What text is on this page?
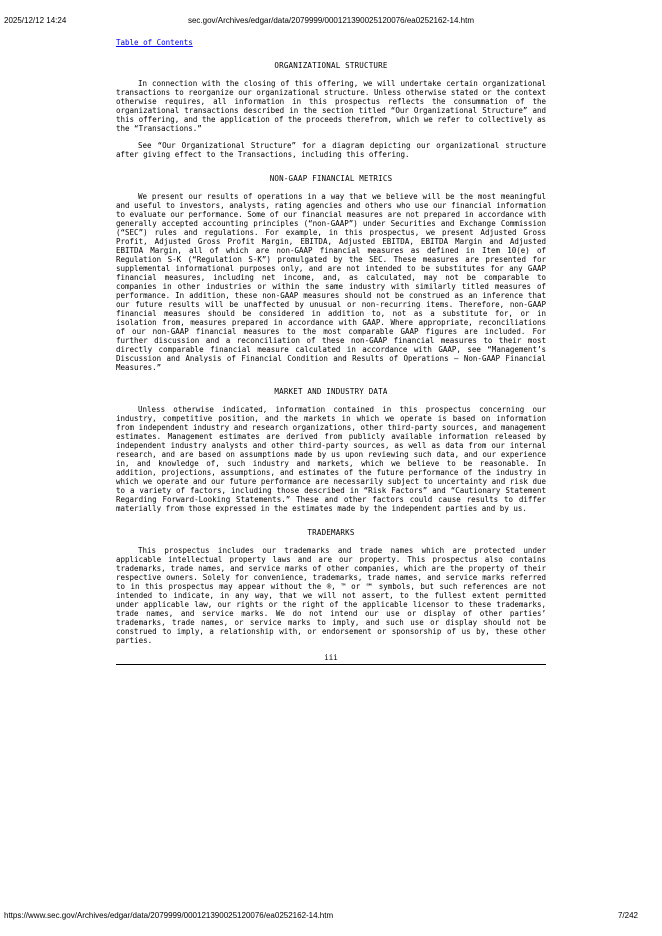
2025/12/12 14:24	sec.gov/Archives/edgar/data/2079999/000121390025120076/ea0252162-14.htm
Table of Contents
ORGANIZATIONAL STRUCTURE

In connection with the closing of this offering, we will undertake certain organizational transactions to reorganize our organizational structure. Unless otherwise stated or the context otherwise requires, all information in this prospectus reflects the consummation of the organizational transactions described in the section titled “Our Organizational Structure” and this offering, and the application of the proceeds therefrom, which we refer to collectively as the “Transactions.”

See “Our Organizational Structure” for a diagram depicting our organizational structure after giving effect to the Transactions, including this offering.

NON-GAAP FINANCIAL METRICS

We present our results of operations in a way that we believe will be the most meaningful and useful to investors, analysts, rating agencies and others who use our financial information to evaluate our performance. Some of our financial measures are not prepared in accordance with generally accepted accounting principles (“non-GAAP”) under Securities and Exchange Commission (“SEC”) rules and regulations. For example, in this prospectus, we present Adjusted Gross Profit, Adjusted Gross Profit Margin, EBITDA, Adjusted EBITDA, EBITDA Margin and Adjusted EBITDA Margin, all of which are non-GAAP financial measures as defined in Item 10(e) of Regulation S-K (“Regulation S-K”) promulgated by the SEC. These measures are presented for supplemental informational purposes only, and are not intended to be substitutes for any GAAP financial measures, including net income, and, as calculated, may not be comparable to companies in other industries or within the same industry with similarly titled measures of performance. In addition, these non-GAAP measures should not be construed as an inference that our future results will be unaffected by unusual or non-recurring items. Therefore, non-GAAP financial measures should be considered in addition to, not as a substitute for, or in isolation from, measures prepared in accordance with GAAP. Where appropriate, reconciliations of our non-GAAP financial measures to the most comparable GAAP figures are included. For further discussion and a reconciliation of these non-GAAP financial measures to their most directly comparable financial measure calculated in accordance with GAAP, see “Management’s Discussion and Analysis of Financial Condition and Results of Operations — Non-GAAP Financial Measures.”

MARKET AND INDUSTRY DATA

Unless otherwise indicated, information contained in this prospectus concerning our industry, competitive position, and the markets in which we operate is based on information from independent industry and research organizations, other third-party sources, and management estimates. Management estimates are derived from publicly available information released by independent industry analysts and other third-party sources, as well as data from our internal research, and are based on assumptions made by us upon reviewing such data, and our experience in, and knowledge of, such industry and markets, which we believe to be reasonable. In addition, projections, assumptions, and estimates of the future performance of the industry in which we operate and our future performance are necessarily subject to uncertainty and risk due to a variety of factors, including those described in “Risk Factors” and “Cautionary Statement Regarding Forward-Looking Statements.” These and other factors could cause results to differ materially from those expressed in the estimates made by the independent parties and by us.

TRADEMARKS

This prospectus includes our trademarks and trade names which are protected under applicable intellectual property laws and are our property. This prospectus also contains trademarks, trade names, and service marks of other companies, which are the property of their respective owners. Solely for convenience, trademarks, trade names, and service marks referred to in this prospectus may appear without the ®, ™ or ℠ symbols, but such references are not intended to indicate, in any way, that we will not assert, to the fullest extent permitted under applicable law, our rights or the right of the applicable licensor to these trademarks, trade names, and service marks. We do not intend our use or display of other parties’ trademarks, trade names, or service marks to imply, and such use or display should not be construed to imply, a relationship with, or endorsement or sponsorship of us by, these other parties.

iii
https://www.sec.gov/Archives/edgar/data/2079999/000121390025120076/ea0252162-14.htm	7/242
